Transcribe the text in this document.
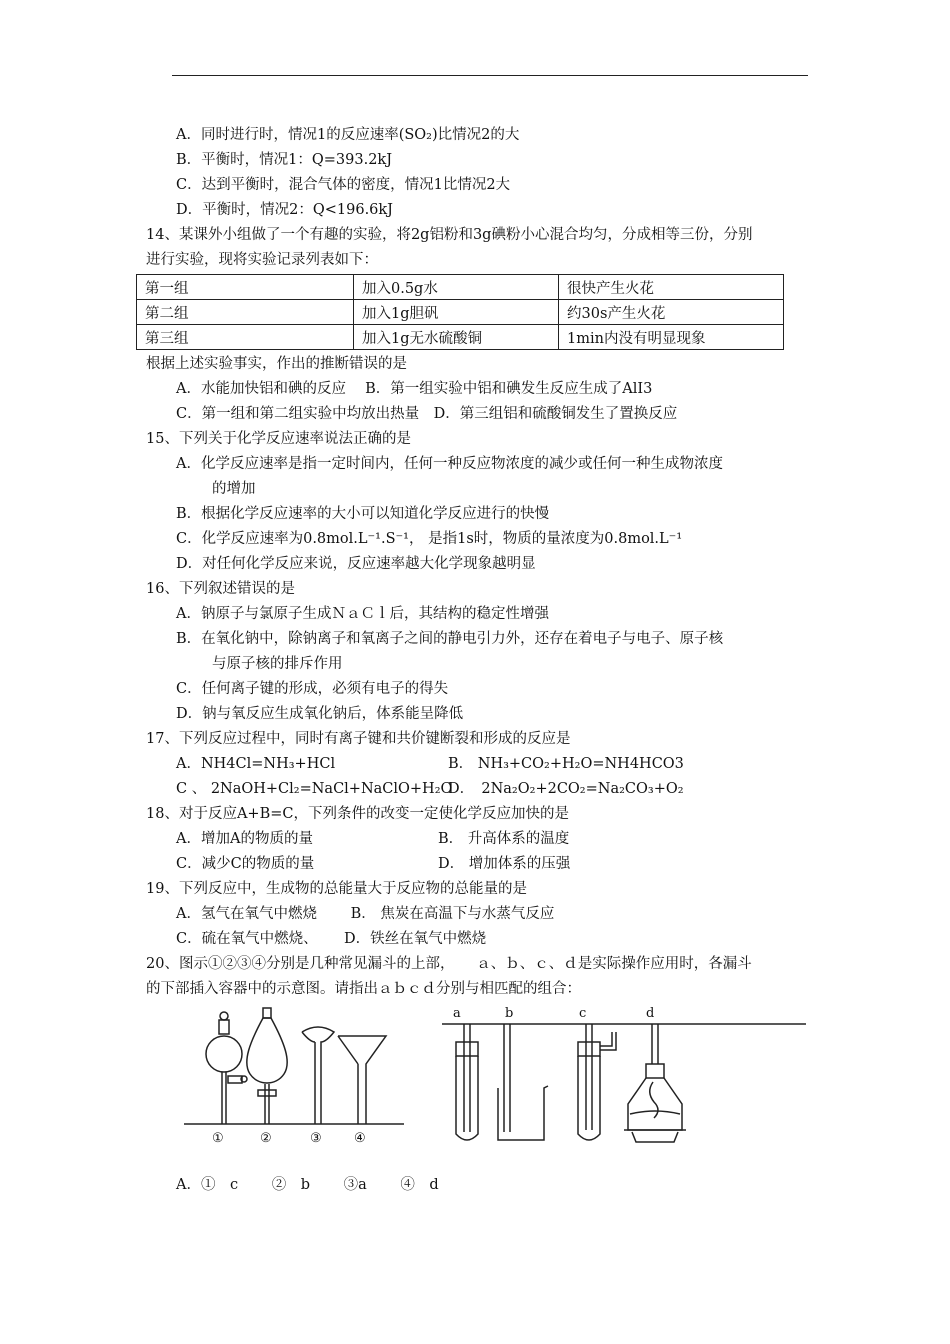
A．同时进行时，情况1的反应速率(SO₂)比情况2的大
B．平衡时，情况1：Q=393.2kJ
C．达到平衡时，混合气体的密度，情况1比情况2大
D．平衡时，情况2：Q<196.6kJ
14、某课外小组做了一个有趣的实验，将2g铝粉和3g碘粉小心混合均匀，分成相等三份，分别
进行实验，现将实验记录列表如下：
第一组	加入0.5g水	很快产生火花
第二组	加入1g胆矾	约30s产生火花
第三组	加入1g无水硫酸铜	1min内没有明显现象
根据上述实验事实，作出的推断错误的是
A．水能加快铝和碘的反应　 B．第一组实验中铝和碘发生反应生成了AlI3
C．第一组和第二组实验中均放出热量　D．第三组铝和硫酸铜发生了置换反应
15、下列关于化学反应速率说法正确的是
A．化学反应速率是指一定时间内，任何一种反应物浓度的减少或任何一种生成物浓度
的增加
B．根据化学反应速率的大小可以知道化学反应进行的快慢
C．化学反应速率为0.8mol.L⁻¹.S⁻¹， 是指1s时，物质的量浓度为0.8mol.L⁻¹
D．对任何化学反应来说，反应速率越大化学现象越明显
16、下列叙述错误的是
A．钠原子与氯原子生成ＮａＣｌ后，其结构的稳定性增强
B．在氧化钠中，除钠离子和氧离子之间的静电引力外，还存在着电子与电子、原子核
与原子核的排斥作用
C．任何离子键的形成，必须有电子的得失
D．钠与氧反应生成氧化钠后，体系能呈降低
17、下列反应过程中，同时有离子键和共价键断裂和形成的反应是
A．NH4Cl=NH₃+HCl	B． NH₃+CO₂+H₂O=NH4HCO3
C 、 2NaOH+Cl₂=NaCl+NaClO+H₂O
D．　2Na₂O₂+2CO₂=Na₂CO₃+O₂
18、对于反应A+B=C，下列条件的改变一定使化学反应加快的是
A．增加A的物质的量	B． 升高体系的温度
C．减少C的物质的量	D． 增加体系的压强
19、下列反应中，生成物的总能量大于反应物的总能量的是
A．氢气在氧气中燃烧　　 B． 焦炭在高温下与水蒸气反应
C．硫在氧气中燃烧、　　 D．铁丝在氧气中燃烧
20、图示①②③④分别是几种常见漏斗的上部，　　ａ、ｂ、ｃ、ｄ是实际操作应用时，各漏斗
的下部插入容器中的示意图。请指出ａｂｃｄ分别与相匹配的组合：
①	②	③ ④
a	b	c	d
A．①　c　　 ②　b　　 ③a　　 ④　d
